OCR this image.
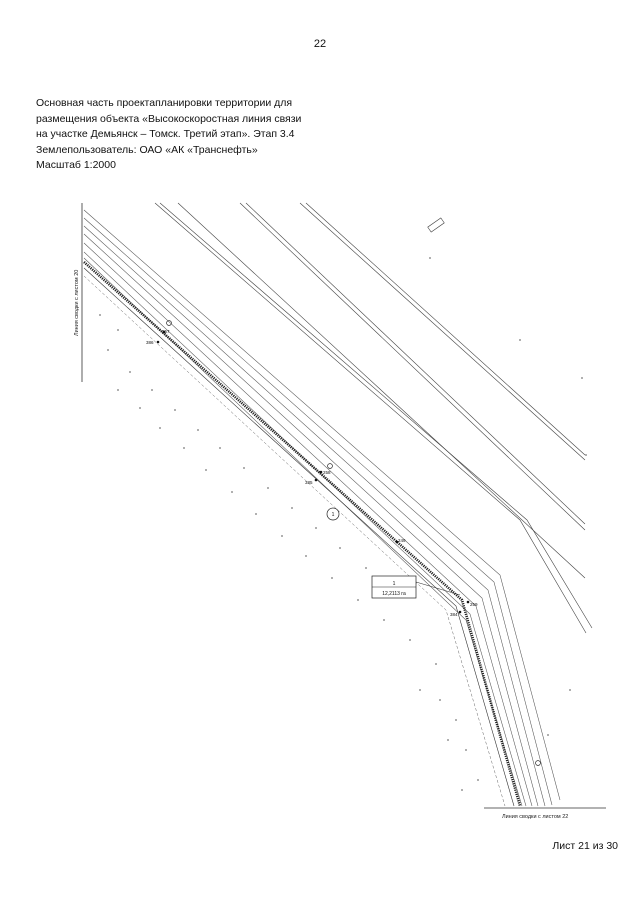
22
Основная часть проектапланировки территории для
размещения объекта «Высокоскоростная линия связи
на участке Демьянск – Томск. Третий этап». Этап 3.4
Землепользователь: ОАО «АК «Транснефть»
Масштаб 1:2000
Линия сводки с листом 20
Линия сводки с листом 22
257
386
258
385
249
259
384
1
1
12,2113 га
Лист 21 из 30
